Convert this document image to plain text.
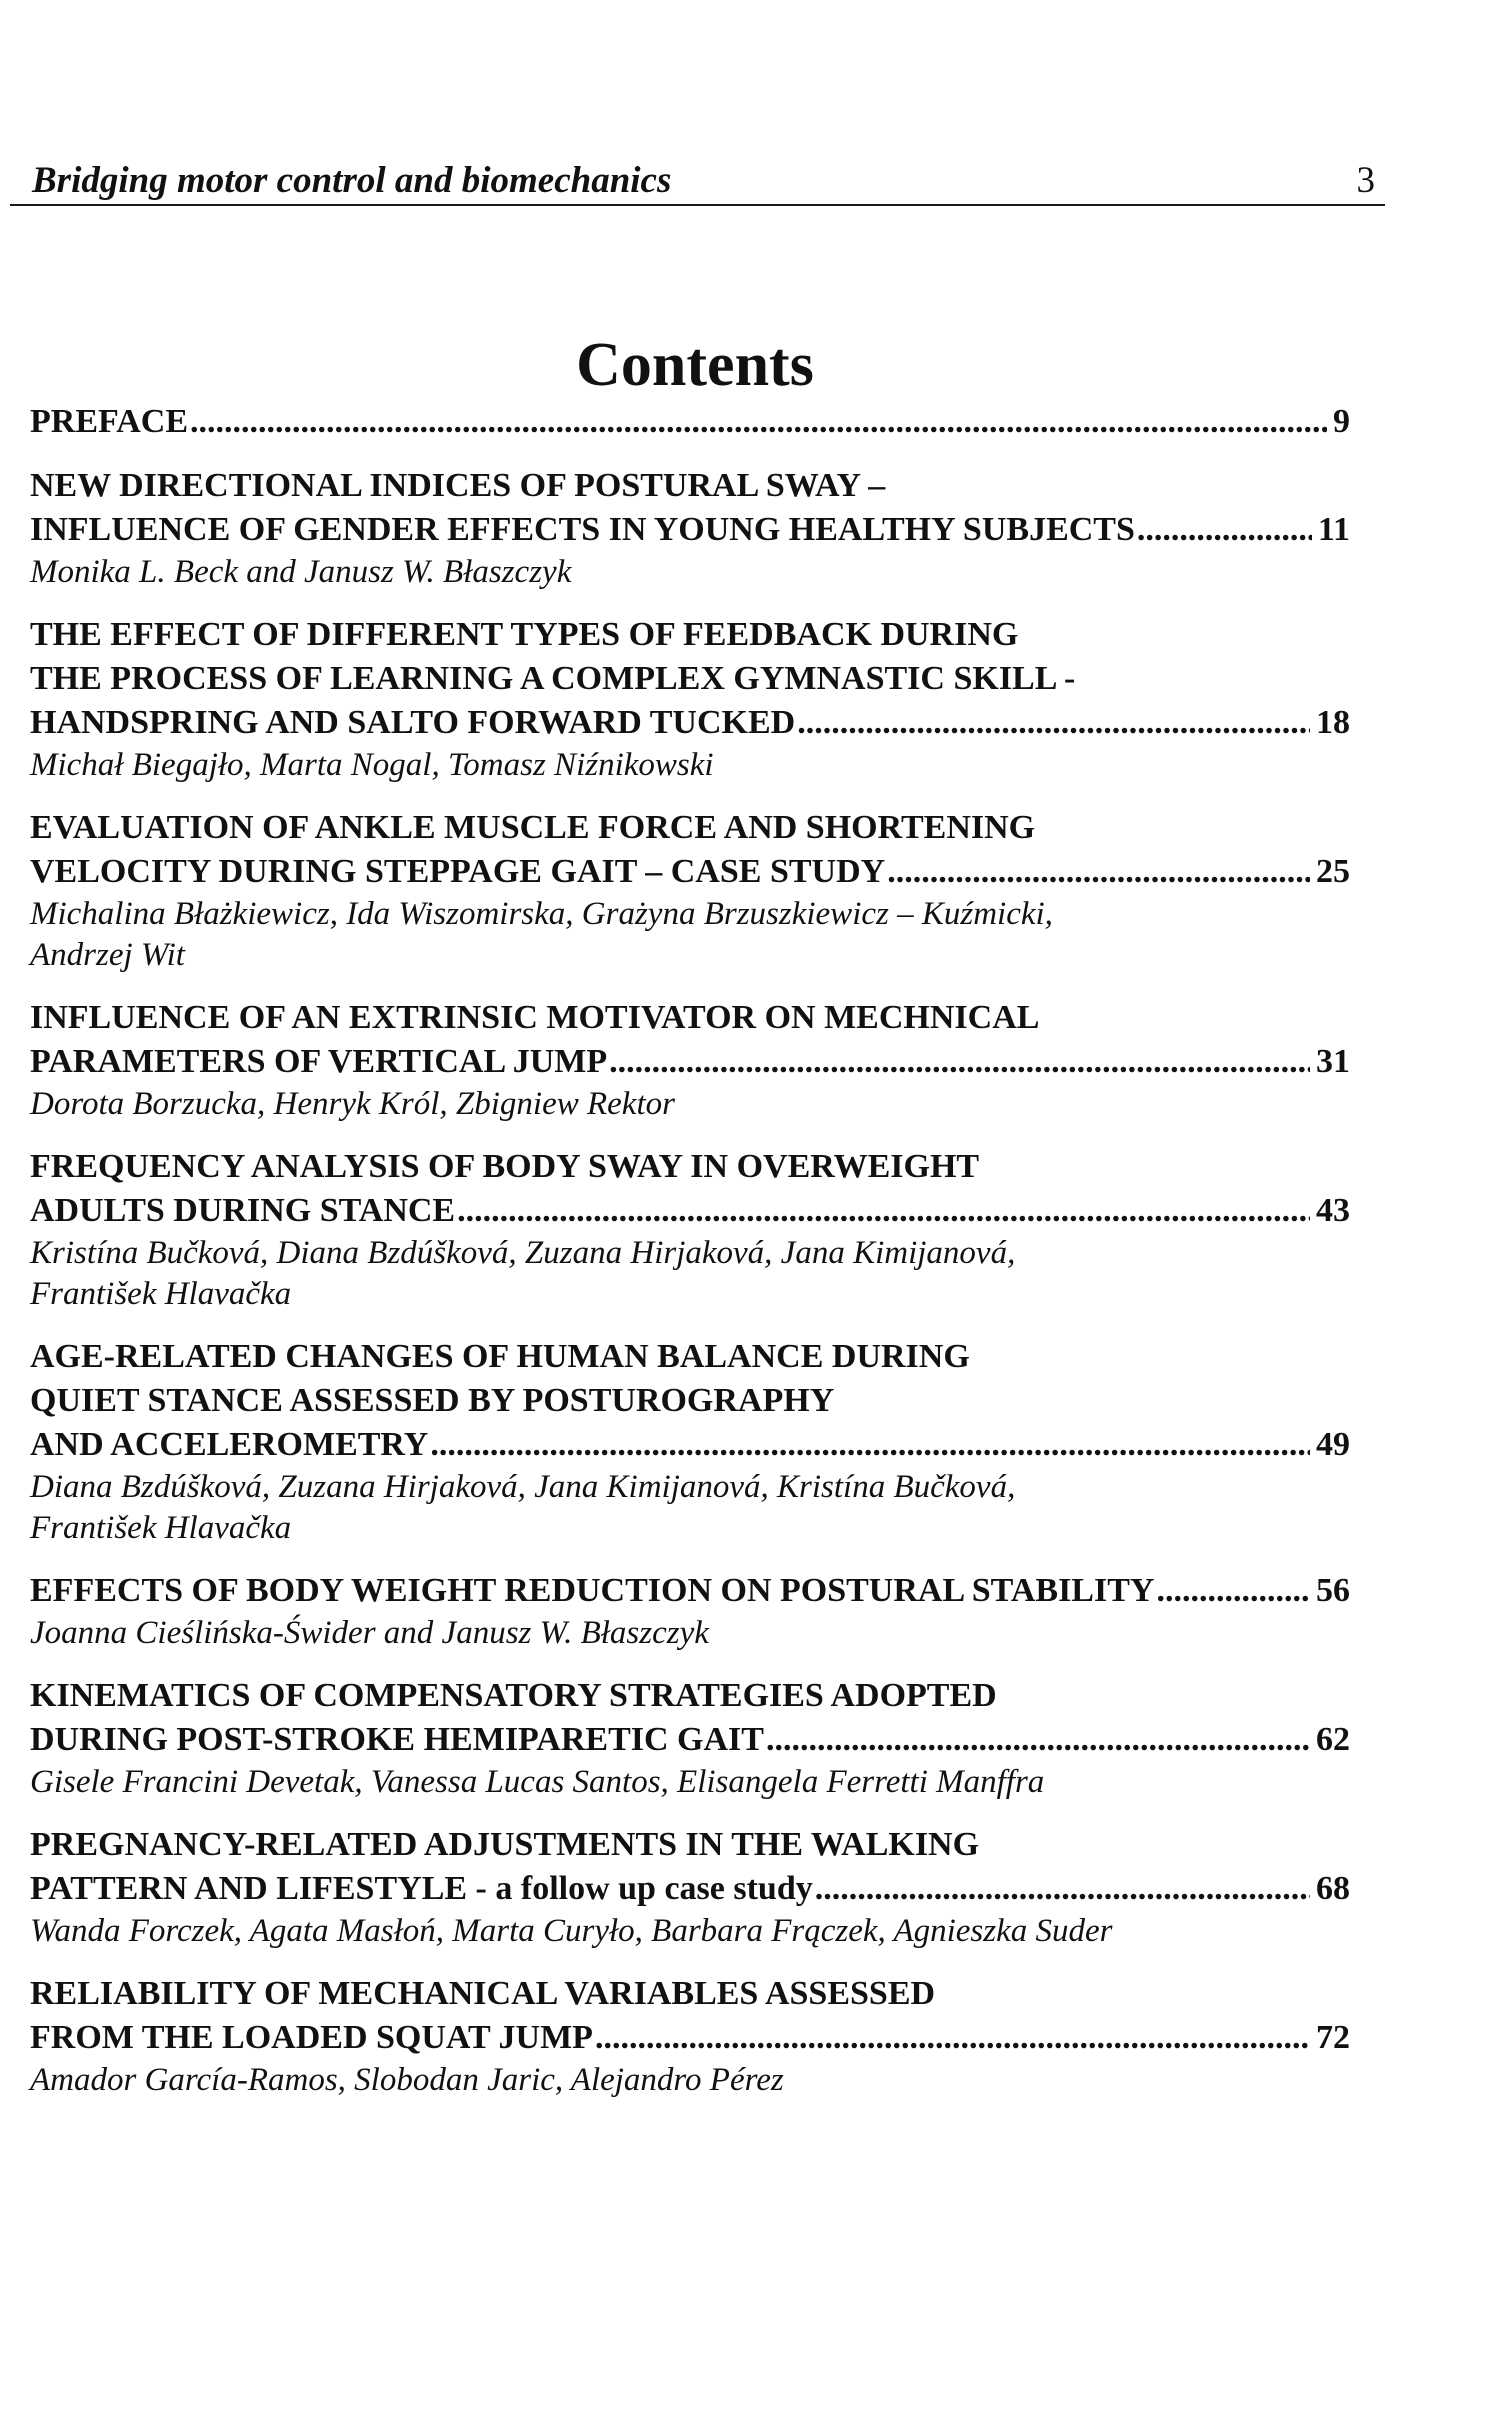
Bridging motor control and biomechanics	3
Contents
PREFACE .....	9
NEW DIRECTIONAL INDICES OF POSTURAL SWAY –
INFLUENCE OF GENDER EFFECTS IN YOUNG HEALTHY SUBJECTS .....	11
Monika L. Beck and Janusz W. Błaszczyk
THE EFFECT OF DIFFERENT TYPES OF FEEDBACK DURING
THE PROCESS OF LEARNING A COMPLEX GYMNASTIC SKILL -
HANDSPRING AND SALTO FORWARD TUCKED .....	18
Michał Biegajło, Marta Nogal, Tomasz Niźnikowski
EVALUATION OF ANKLE MUSCLE FORCE AND SHORTENING
VELOCITY DURING STEPPAGE GAIT – CASE STUDY .....	25
Michalina Błażkiewicz, Ida Wiszomirska, Grażyna Brzuszkiewicz – Kuźmicki,
Andrzej Wit
INFLUENCE OF AN EXTRINSIC MOTIVATOR ON MECHNICAL
PARAMETERS OF VERTICAL JUMP .....	31
Dorota Borzucka, Henryk Król, Zbigniew Rektor
FREQUENCY ANALYSIS OF BODY SWAY IN OVERWEIGHT
ADULTS DURING STANCE .....	43
Kristína Bučková, Diana Bzdúšková, Zuzana Hirjaková, Jana Kimijanová,
František Hlavačka
AGE-RELATED CHANGES OF HUMAN BALANCE DURING
QUIET STANCE ASSESSED BY POSTUROGRAPHY
AND ACCELEROMETRY .....	49
Diana Bzdúšková, Zuzana Hirjaková, Jana Kimijanová, Kristína Bučková,
František Hlavačka
EFFECTS OF BODY WEIGHT REDUCTION ON POSTURAL STABILITY .....	56
Joanna Cieślińska-Świder and Janusz W. Błaszczyk
KINEMATICS OF COMPENSATORY STRATEGIES ADOPTED
DURING POST-STROKE HEMIPARETIC GAIT .....	62
Gisele Francini Devetak, Vanessa Lucas Santos, Elisangela Ferretti Manffra
PREGNANCY-RELATED ADJUSTMENTS IN THE WALKING
PATTERN AND LIFESTYLE - a follow up case study .....	68
Wanda Forczek, Agata Masłoń, Marta Curyło, Barbara Frączek, Agnieszka Suder
RELIABILITY OF MECHANICAL VARIABLES ASSESSED
FROM THE LOADED SQUAT JUMP .....	72
Amador García-Ramos, Slobodan Jaric, Alejandro Pérez
